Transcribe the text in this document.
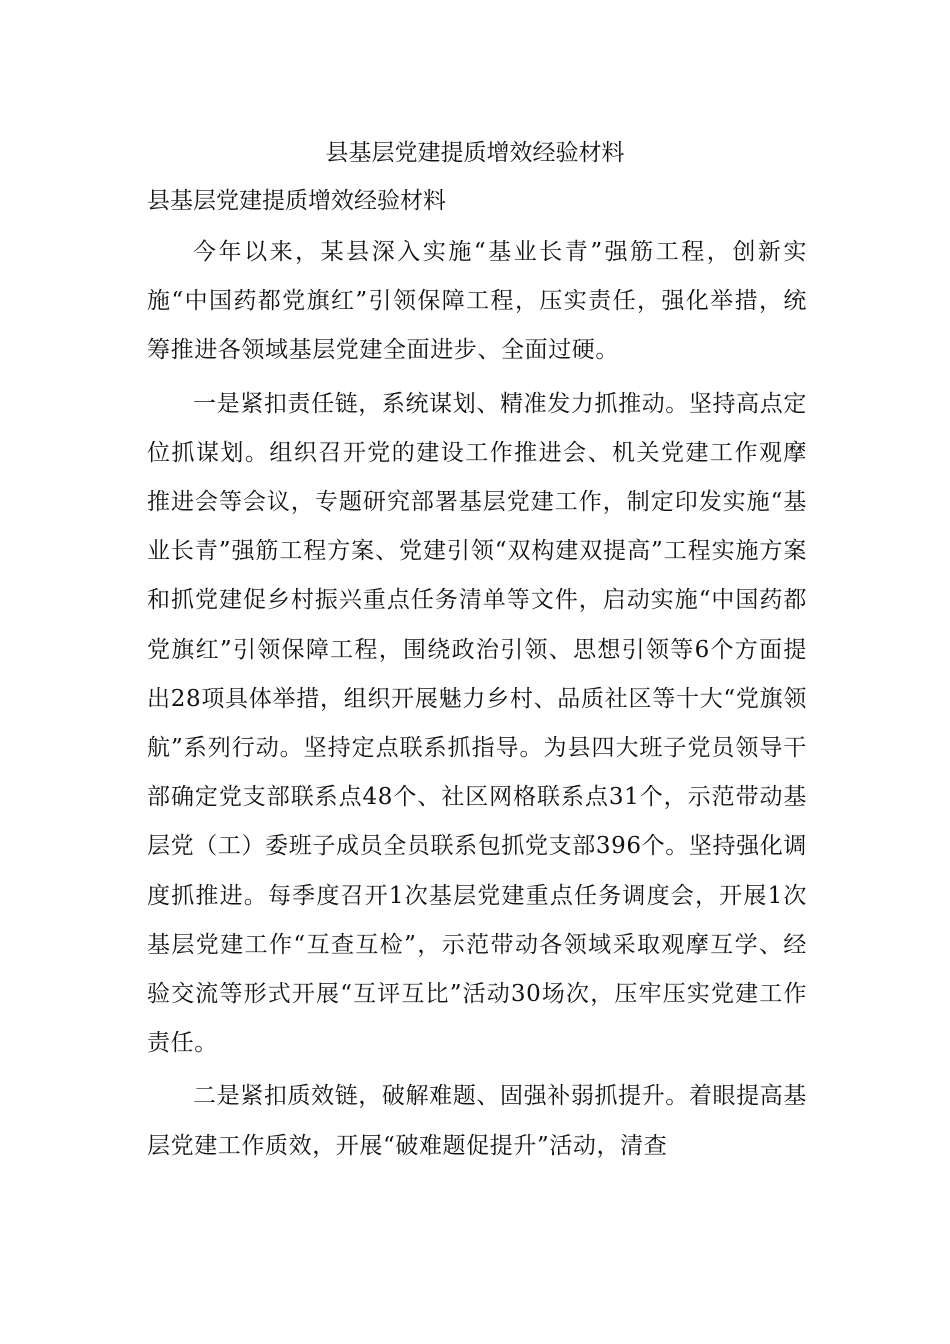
县基层党建提质增效经验材料
县基层党建提质增效经验材料

今年以来，某县深入实施“基业长青”强筋工程，创新实施“中国药都党旗红”引领保障工程，压实责任，强化举措，统筹推进各领域基层党建全面进步、全面过硬。

一是紧扣责任链，系统谋划、精准发力抓推动。坚持高点定位抓谋划。组织召开党的建设工作推进会、机关党建工作观摩推进会等会议，专题研究部署基层党建工作，制定印发实施“基业长青”强筋工程方案、党建引领“双构建双提高”工程实施方案和抓党建促乡村振兴重点任务清单等文件，启动实施“中国药都党旗红”引领保障工程，围绕政治引领、思想引领等6个方面提出28项具体举措，组织开展魅力乡村、品质社区等十大“党旗领航”系列行动。坚持定点联系抓指导。为县四大班子党员领导干部确定党支部联系点48个、社区网格联系点31个，示范带动基层党（工）委班子成员全员联系包抓党支部396个。坚持强化调度抓推进。每季度召开1次基层党建重点任务调度会，开展1次基层党建工作“互查互检”，示范带动各领域采取观摩互学、经验交流等形式开展“互评互比”活动30场次，压牢压实党建工作责任。

二是紧扣质效链，破解难题、固强补弱抓提升。着眼提高基层党建工作质效，开展“破难题促提升”活动，清查
